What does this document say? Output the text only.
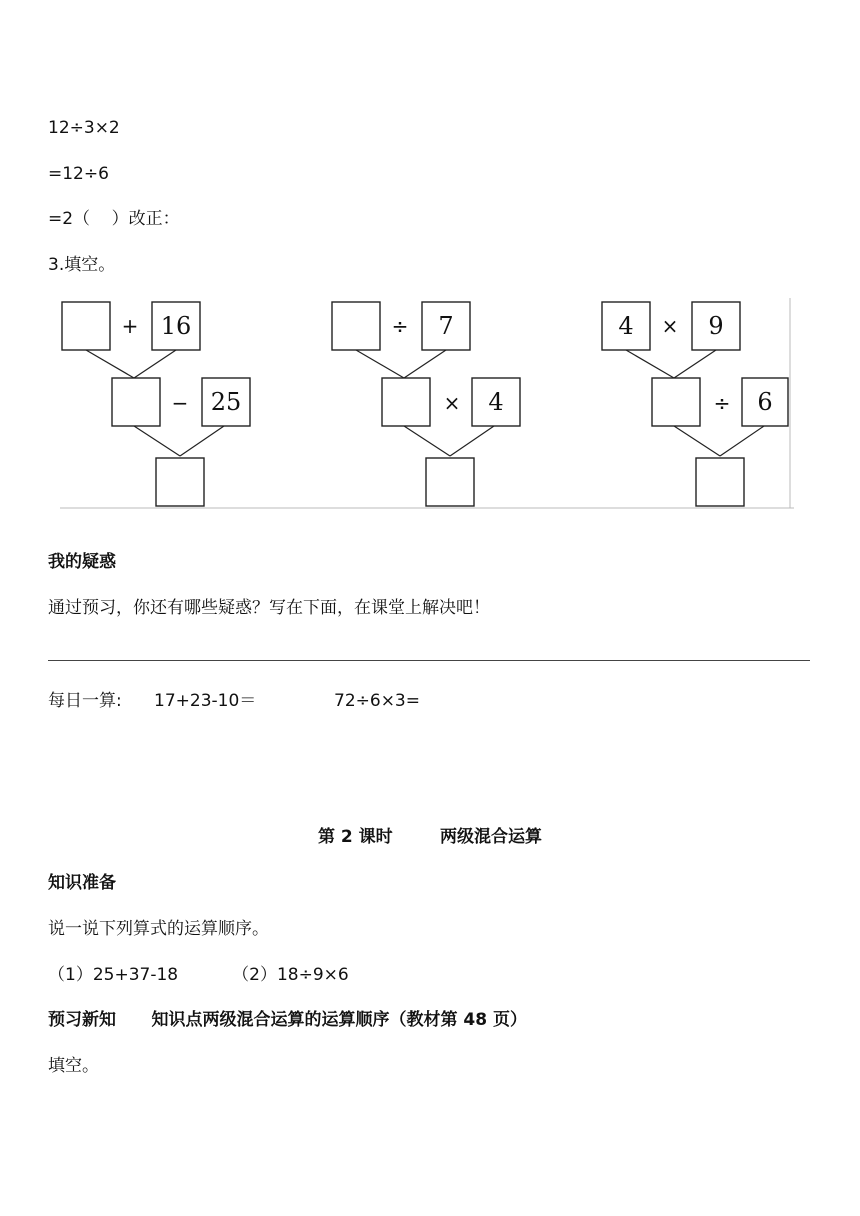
12÷3×2
=12÷6
=2（    ）改正：
3.填空。
+ 16
− 25
÷ 7
× 4
4 × 9
÷ 6
我的疑惑
通过预习，你还有哪些疑惑？写在下面，在课堂上解决吧！
每日一算: 17+23-10＝	72÷6×3=
第 2 课时        两级混合运算
知识准备
说一说下列算式的运算顺序。
（1）25+37-18          （2）18÷9×6
预习新知      知识点两级混合运算的运算顺序（教材第 48 页）
填空。
